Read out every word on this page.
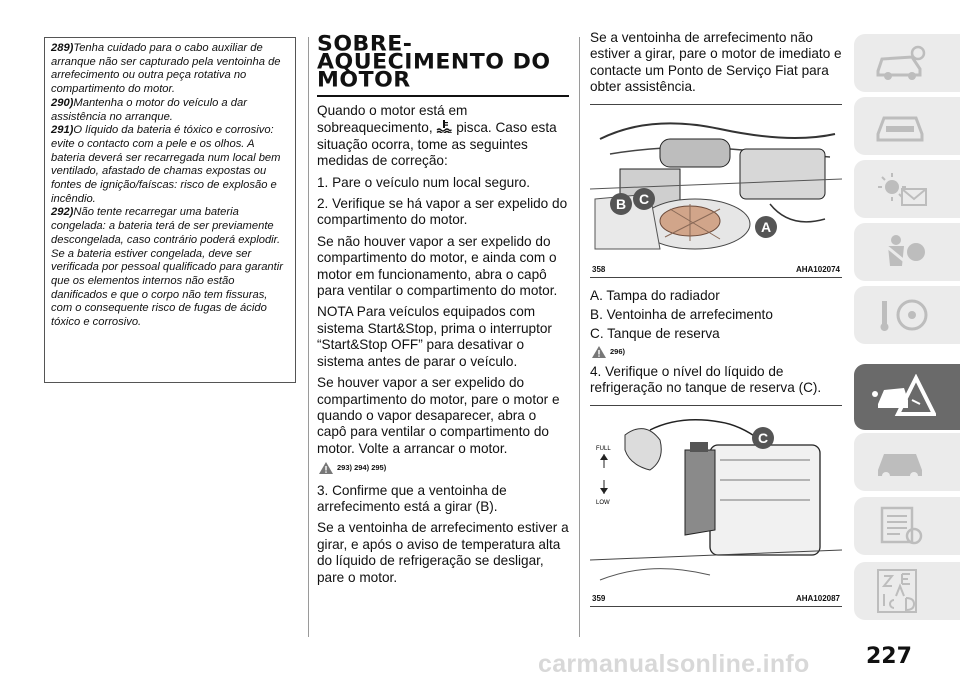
289)Tenha cuidado para o cabo auxiliar de arranque não ser capturado pela ventoinha de arrefecimento ou outra peça rotativa no compartimento do motor.

290)Mantenha o motor do veículo a dar assistência no arranque.

291)O líquido da bateria é tóxico e corrosivo: evite o contacto com a pele e os olhos. A bateria deverá ser recarregada num local bem ventilado, afastado de chamas expostas ou fontes de ignição/faíscas: risco de explosão e incêndio.

292)Não tente recarregar uma bateria congelada: a bateria terá de ser previamente descongelada, caso contrário poderá explodir. Se a bateria estiver congelada, deve ser verificada por pessoal qualificado para garantir que os elementos internos não estão danificados e que o corpo não tem fissuras, com o consequente risco de fugas de ácido tóxico e corrosivo.

SOBRE-
AQUECIMENTO DO
MOTOR

Quando o motor está em sobreaquecimento, pisca. Caso esta situação ocorra, tome as seguintes medidas de correção:

1. Pare o veículo num local seguro.

2. Verifique se há vapor a ser expelido do compartimento do motor.

Se não houver vapor a ser expelido do compartimento do motor, e ainda com o motor em funcionamento, abra o capô para ventilar o compartimento do motor.

NOTA Para veículos equipados com sistema Start&Stop, prima o interruptor “Start&Stop OFF” para desativar o sistema antes de parar o veículo.

Se houver vapor a ser expelido do compartimento do motor, pare o motor e quando o vapor desaparecer, abra o capô para ventilar o compartimento do motor. Volte a arrancar o motor.

293) 294) 295)

3. Confirme que a ventoinha de arrefecimento está a girar (B).

Se a ventoinha de arrefecimento estiver a girar, e após o aviso de temperatura alta do líquido de refrigeração se desligar, pare o motor.

Se a ventoinha de arrefecimento não estiver a girar, pare o motor de imediato e contacte um Ponto de Serviço Fiat para obter assistência.

B
A
C
358	AHA102074

A. Tampa do radiador

B. Ventoinha de arrefecimento

C. Tanque de reserva

296)

4. Verifique o nível do líquido de refrigeração no tanque de reserva (C).

FULL
LOW
C
359	AHA102087
carmanualsonline.info	227
